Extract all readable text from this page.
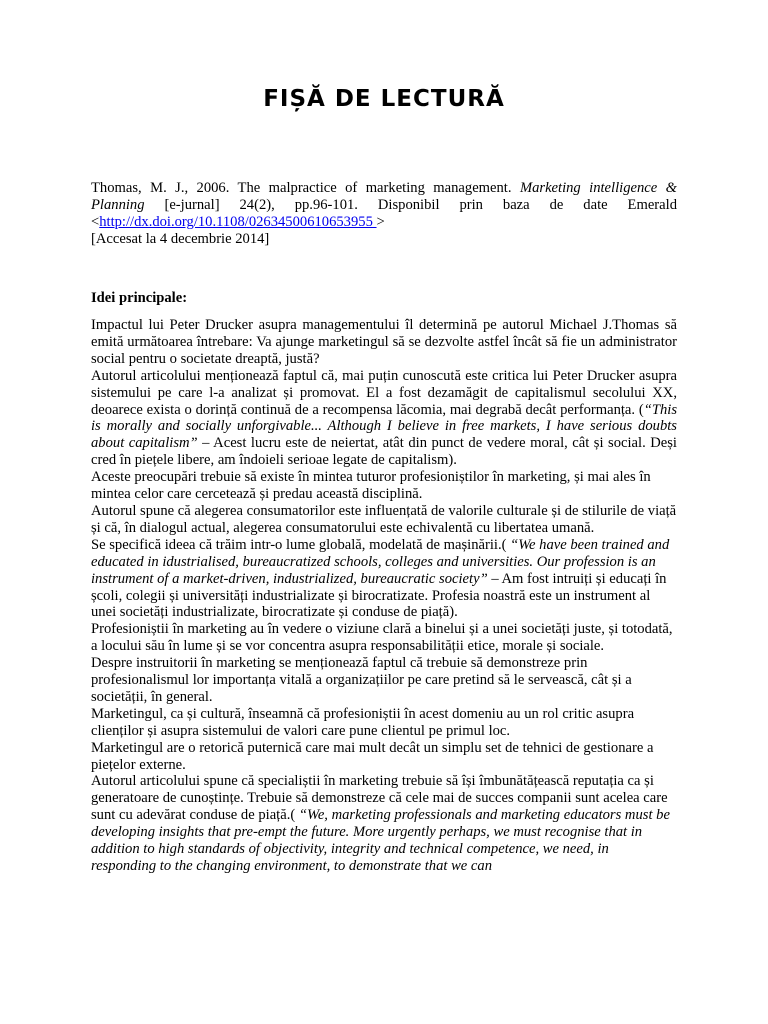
FIȘĂ DE LECTURĂ

Thomas, M. J., 2006. The malpractice of marketing management. Marketing intelligence & Planning [e-jurnal] 24(2), pp.96-101. Disponibil prin baza de date Emerald <http://dx.doi.org/10.1108/02634500610653955 >

[Accesat la 4 decembrie 2014]

Idei principale:

Impactul lui Peter Drucker asupra managementului îl determină pe autorul Michael J.Thomas să emită următoarea întrebare: Va ajunge marketingul să se dezvolte astfel încât să fie un administrator social pentru o societate dreaptă, justă?

Autorul articolului menționează faptul că, mai puțin cunoscută este critica lui Peter Drucker asupra sistemului pe care l-a analizat și promovat. El a fost dezamăgit de capitalismul secolului XX, deoarece exista o dorință continuă de a recompensa lăcomia, mai degrabă decât performanța. (“This is morally and socially unforgivable... Although I believe in free markets, I have serious doubts about capitalism” – Acest lucru este de neiertat, atât din punct de vedere moral, cât și social. Deși cred în piețele libere, am îndoieli serioae legate de capitalism).

Aceste preocupări trebuie să existe în mintea tuturor profesioniștilor în marketing, și mai ales în mintea celor care cercetează și predau această disciplină.

Autorul spune că alegerea consumatorilor este influențată de valorile culturale și de stilurile de viață și că, în dialogul actual, alegerea consumatorului este echivalentă cu libertatea umană.

Se specifică ideea că trăim intr-o lume globală, modelată de mașinării.( “We have been trained and educated in idustrialised, bureaucratized schools, colleges and universities. Our profession is an instrument of a market-driven, industrialized, bureaucratic society” – Am fost intruiți și educați în școli, colegii și universități industrializate și birocratizate. Profesia noastră este un instrument al unei societăți industrializate, birocratizate și conduse de piață).

Profesioniștii în marketing au în vedere o viziune clară a binelui și a unei societăți juste, și totodată, a locului său în lume și se vor concentra asupra responsabilității etice, morale și sociale.

Despre instruitorii în marketing se menționează faptul că trebuie să demonstreze prin profesionalismul lor importanța vitală a organizațiilor pe care pretind să le servească, cât și a societății, în general.

Marketingul, ca și cultură, înseamnă că profesioniștii în acest domeniu au un rol critic asupra clienților și asupra sistemului de valori care pune clientul pe primul loc.

Marketingul are o retorică puternică care mai mult decât un simplu set de tehnici de gestionare a piețelor externe.

Autorul articolului spune că specialiștii în marketing trebuie să își îmbunătățească reputația ca și generatoare de cunoștințe. Trebuie să demonstreze că cele mai de succes companii sunt acelea care sunt cu adevărat conduse de piață.( “We, marketing professionals and marketing educators must be developing insights that pre-empt the future. More urgently perhaps, we must recognise that in addition to high standards of objectivity, integrity and technical competence, we need, in responding to the changing environment, to demonstrate that we can
